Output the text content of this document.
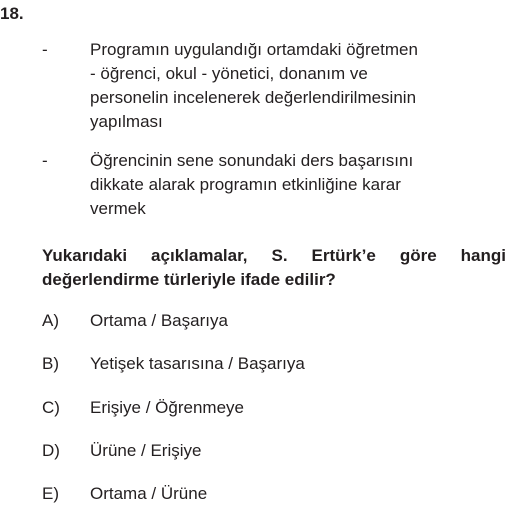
18.
-	Programın uygulandığı ortamdaki öğretmen
- öğrenci, okul - yönetici, donanım ve
personelin incelenerek değerlendirilmesinin
yapılması
-	Öğrencinin sene sonundaki ders başarısını
dikkate alarak programın etkinliğine karar
vermek
Yukarıdaki açıklamalar, S. Ertürk’e göre hangi değerlendirme türleriyle ifade edilir?
A)	Ortama / Başarıya
B)	Yetişek tasarısına / Başarıya
C)	Erişiye / Öğrenmeye
D)	Ürüne / Erişiye
E)	Ortama / Ürüne
